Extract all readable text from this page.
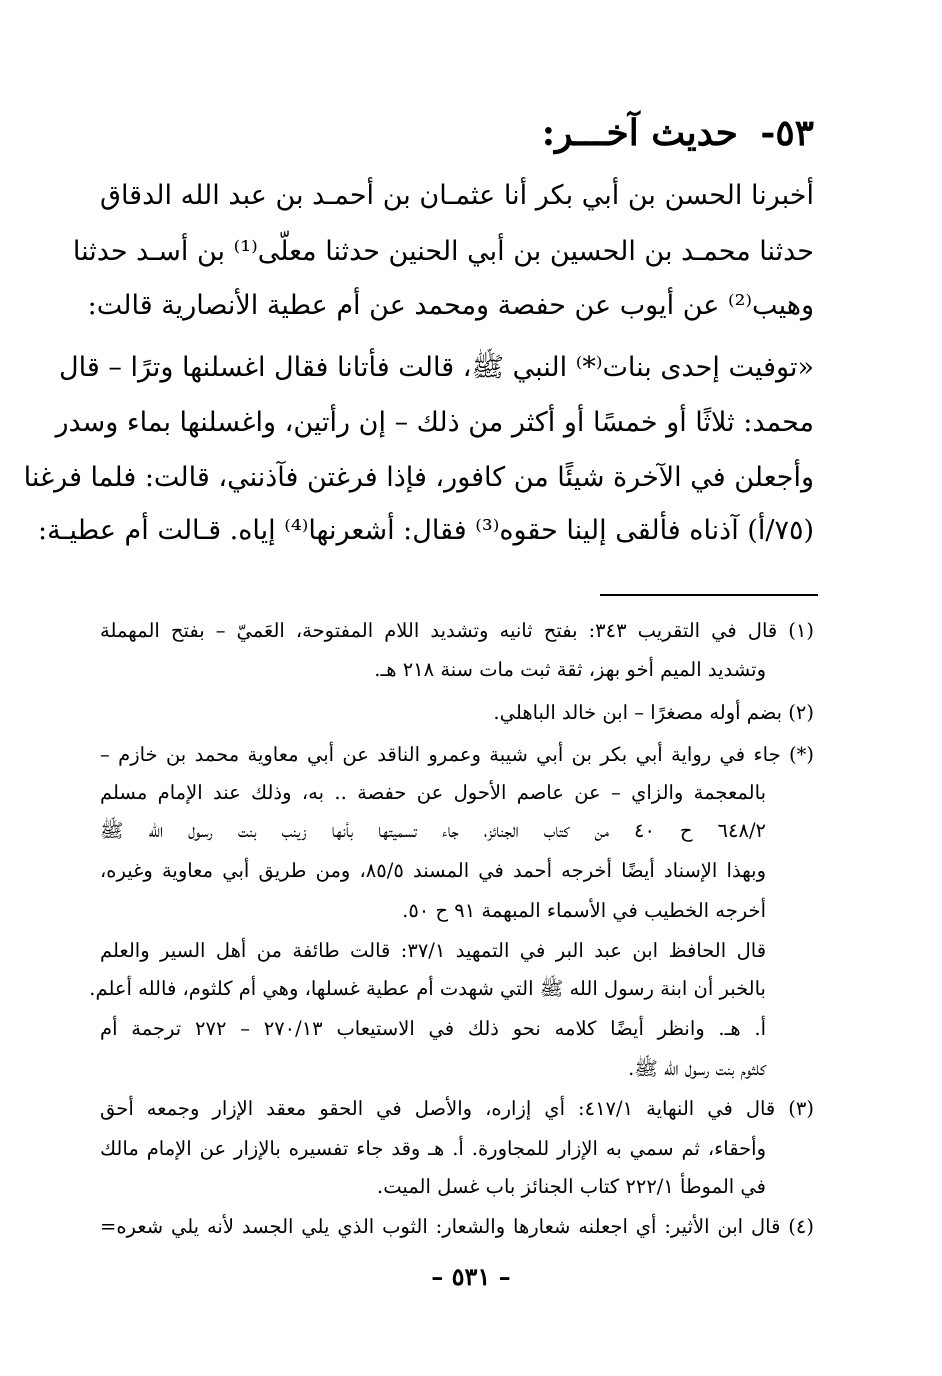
٥٣- حديث آخـــر:
أخبرنا الحسن بن أبي بكر أنا عثمـان بن أحمـد بن عبد الله الدقاق
حدثنا محمـد بن الحسين بن أبي الحنين حدثنا معلّى⁽¹⁾ بن أسـد حدثنا
وهيب⁽²⁾ عن أيوب عن حفصة ومحمد عن أم عطية الأنصارية قالت:
«توفيت إحدى بنات⁽*⁾ النبي ﷺ، قالت فأتانا فقال اغسلنها وترًا – قال
محمد: ثلاثًا أو خمسًا أو أكثر من ذلك – إن رأتين، واغسلنها بماء وسدر
وأجعلن في الآخرة شيئًا من كافور، فإذا فرغتن فآذنني، قالت: فلما فرغنا
(٧٥/أ) آذناه فألقى إلينا حقوه⁽³⁾ فقال: أشعرنها⁽⁴⁾ إياه. قـالت أم عطيـة:
(١) قال في التقريب ٣٤٣: بفتح ثانيه وتشديد اللام المفتوحة، العَميّ – بفتح المهملة
وتشديد الميم أخو بهز، ثقة ثبت مات سنة ٢١٨ هـ.
(٢) بضم أوله مصغرًا – ابن خالد الباهلي.
(*) جاء في رواية أبي بكر بن أبي شيبة وعمرو الناقد عن أبي معاوية محمد بن خازم –
بالمعجمة والزاي – عن عاصم الأحول عن حفصة .. به، وذلك عند الإمام مسلم
٦٤٨/٢ ح ٤٠ من كتاب الجنائز، جاء تسميتها بأنها زينب بنت رسول الله ﷺ
وبهذا الإسناد أيضًا أخرجه أحمد في المسند ٨٥/٥، ومن طريق أبي معاوية وغيره،
أخرجه الخطيب في الأسماء المبهمة ٩١ ح ٥٠.
قال الحافظ ابن عبد البر في التمهيد ٣٧/١: قالت طائفة من أهل السير والعلم
بالخبر أن ابنة رسول الله ﷺ التي شهدت أم عطية غسلها، وهي أم كلثوم، فالله أعلم.
أ. هـ. وانظر أيضًا كلامه نحو ذلك في الاستيعاب ٢٧٠/١٣ – ٢٧٢ ترجمة أم
كلثوم بنت رسول الله ﷺ.
(٣) قال في النهاية ٤١٧/١: أي إزاره، والأصل في الحقو معقد الإزار وجمعه أحق
وأحقاء، ثم سمي به الإزار للمجاورة. أ. هـ وقد جاء تفسيره بالإزار عن الإمام مالك
في الموطأ ٢٢٢/١ كتاب الجنائز باب غسل الميت.
(٤) قال ابن الأثير: أي اجعلنه شعارها والشعار: الثوب الذي يلي الجسد لأنه يلي شعره=
– ٥٣١ –
